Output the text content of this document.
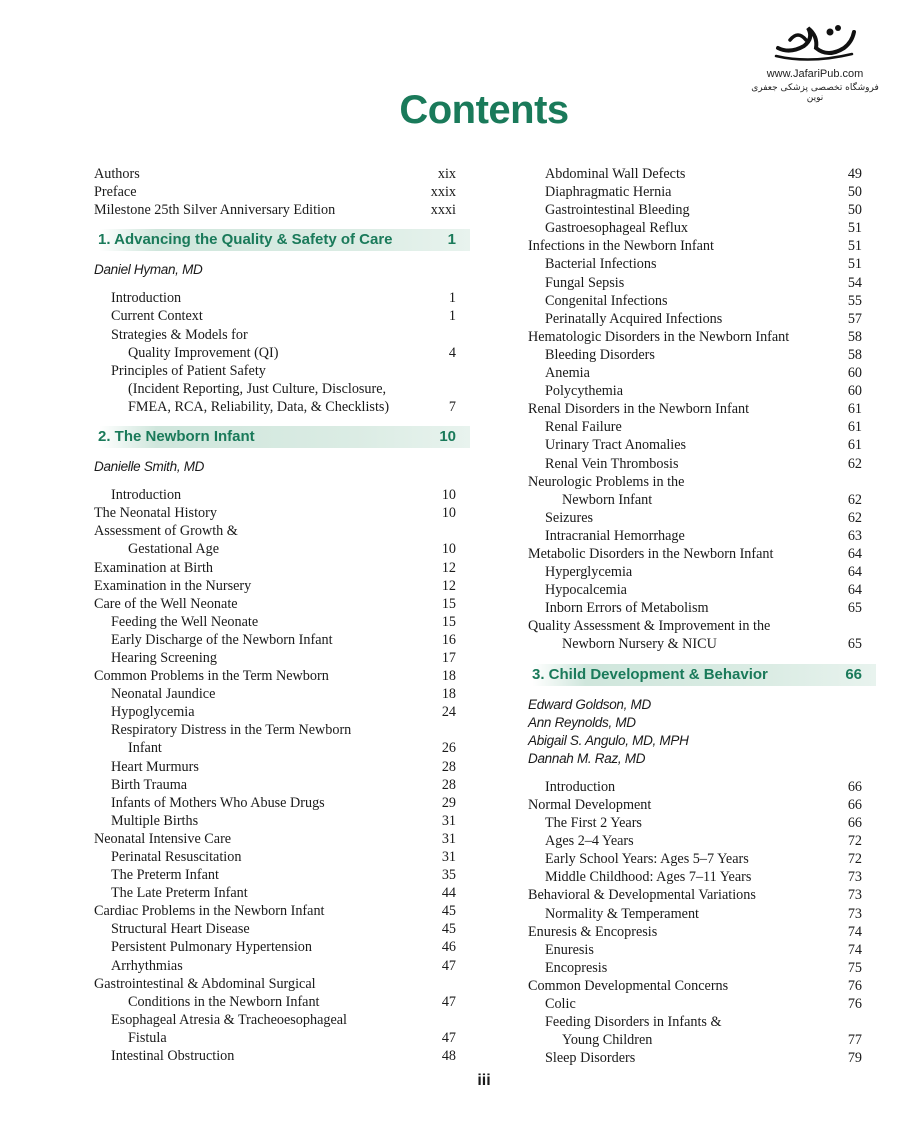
www.JafariPub.com
فروشگاه تخصصی پزشکی جعفری نوین
Contents
Authors	xix
Preface	xxix
Milestone 25th Silver Anniversary Edition	xxxi
1. Advancing the Quality & Safety of Care	1
Daniel Hyman, MD
Introduction	1
Current Context	1
Strategies & Models for
Quality Improvement (QI)	4
Principles of Patient Safety
(Incident Reporting, Just Culture, Disclosure,
FMEA, RCA, Reliability, Data, & Checklists)	7
2. The Newborn Infant	10
Danielle Smith, MD
Introduction	10
The Neonatal History	10
Assessment of Growth &
Gestational Age	10
Examination at Birth	12
Examination in the Nursery	12
Care of the Well Neonate	15
Feeding the Well Neonate	15
Early Discharge of the Newborn Infant	16
Hearing Screening	17
Common Problems in the Term Newborn	18
Neonatal Jaundice	18
Hypoglycemia	24
Respiratory Distress in the Term Newborn
Infant	26
Heart Murmurs	28
Birth Trauma	28
Infants of Mothers Who Abuse Drugs	29
Multiple Births	31
Neonatal Intensive Care	31
Perinatal Resuscitation	31
The Preterm Infant	35
The Late Preterm Infant	44
Cardiac Problems in the Newborn Infant	45
Structural Heart Disease	45
Persistent Pulmonary Hypertension	46
Arrhythmias	47
Gastrointestinal & Abdominal Surgical
Conditions in the Newborn Infant	47
Esophageal Atresia & Tracheoesophageal
Fistula	47
Intestinal Obstruction	48
Abdominal Wall Defects	49
Diaphragmatic Hernia	50
Gastrointestinal Bleeding	50
Gastroesophageal Reflux	51
Infections in the Newborn Infant	51
Bacterial Infections	51
Fungal Sepsis	54
Congenital Infections	55
Perinatally Acquired Infections	57
Hematologic Disorders in the Newborn Infant	58
Bleeding Disorders	58
Anemia	60
Polycythemia	60
Renal Disorders in the Newborn Infant	61
Renal Failure	61
Urinary Tract Anomalies	61
Renal Vein Thrombosis	62
Neurologic Problems in the
Newborn Infant	62
Seizures	62
Intracranial Hemorrhage	63
Metabolic Disorders in the Newborn Infant	64
Hyperglycemia	64
Hypocalcemia	64
Inborn Errors of Metabolism	65
Quality Assessment & Improvement in the
Newborn Nursery & NICU	65
3. Child Development & Behavior	66
Edward Goldson, MD
Ann Reynolds, MD
Abigail S. Angulo, MD, MPH
Dannah M. Raz, MD
Introduction	66
Normal Development	66
The First 2 Years	66
Ages 2–4 Years	72
Early School Years: Ages 5–7 Years	72
Middle Childhood: Ages 7–11 Years	73
Behavioral & Developmental Variations	73
Normality & Temperament	73
Enuresis & Encopresis	74
Enuresis	74
Encopresis	75
Common Developmental Concerns	76
Colic	76
Feeding Disorders in Infants &
Young Children	77
Sleep Disorders	79
iii
